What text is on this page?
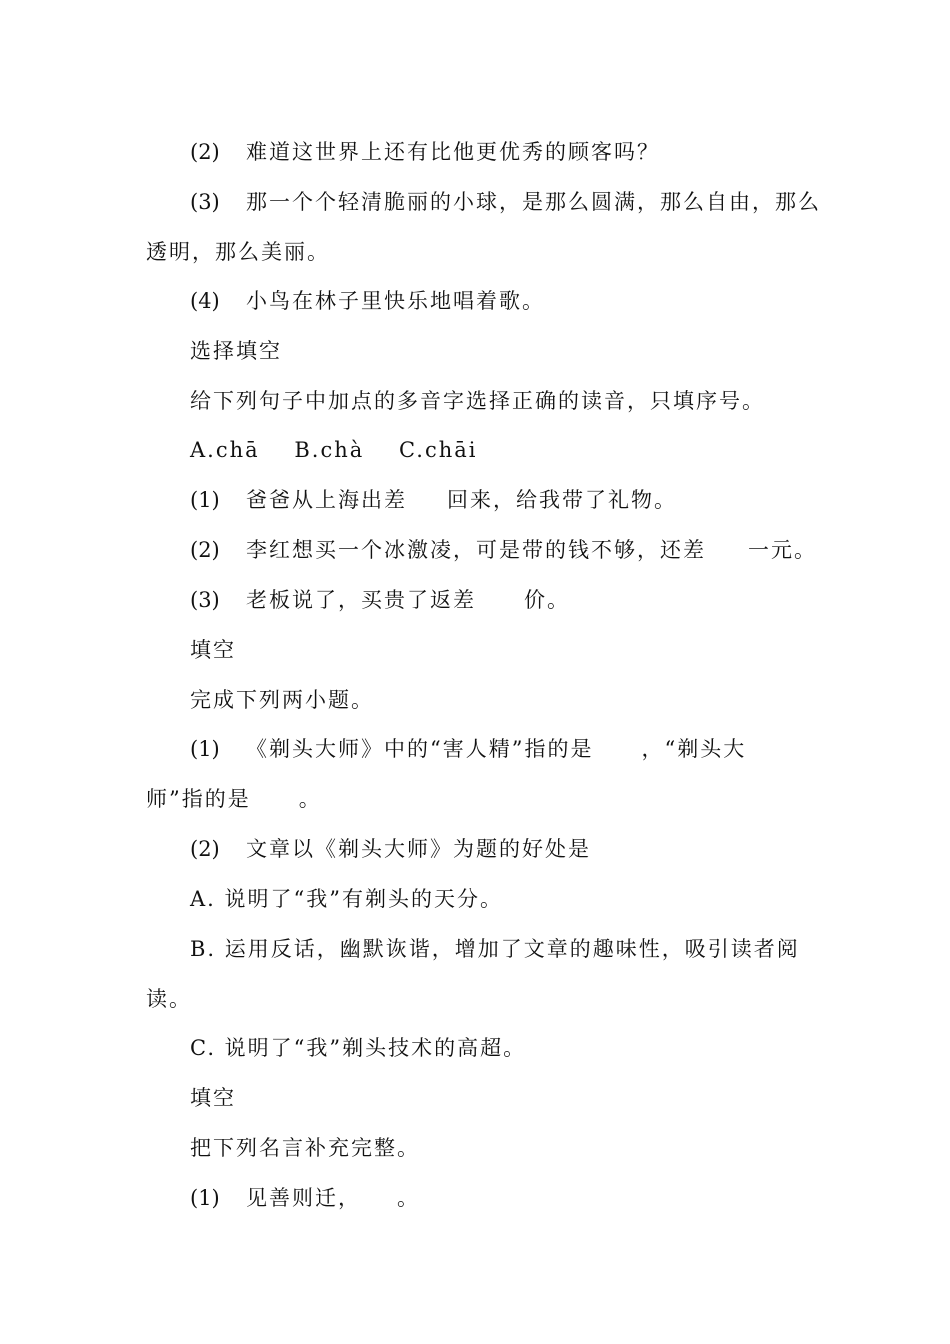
(2) 难道这世界上还有比他更优秀的顾客吗？
(3) 那一个个轻清脆丽的小球，是那么圆满，那么自由，那么
透明，那么美丽。
(4) 小鸟在林子里快乐地唱着歌。
选择填空
给下列句子中加点的多音字选择正确的读音，只填序号。
A.chā    B.chà    C.chāi
(1) 爸爸从上海出差 回来，给我带了礼物。
(2) 李红想买一个冰激凌，可是带的钱不够，还差 一元。
(3) 老板说了，买贵了返差 价。
填空
完成下列两小题。
(1) 《剃头大师》中的“害人精”指的是 ，“剃头大
师”指的是 。
(2) 文章以《剃头大师》为题的好处是
A. 说明了“我”有剃头的天分。
B. 运用反话，幽默诙谐，增加了文章的趣味性，吸引读者阅
读。
C. 说明了“我”剃头技术的高超。
填空
把下列名言补充完整。
(1) 见善则迁， 。
